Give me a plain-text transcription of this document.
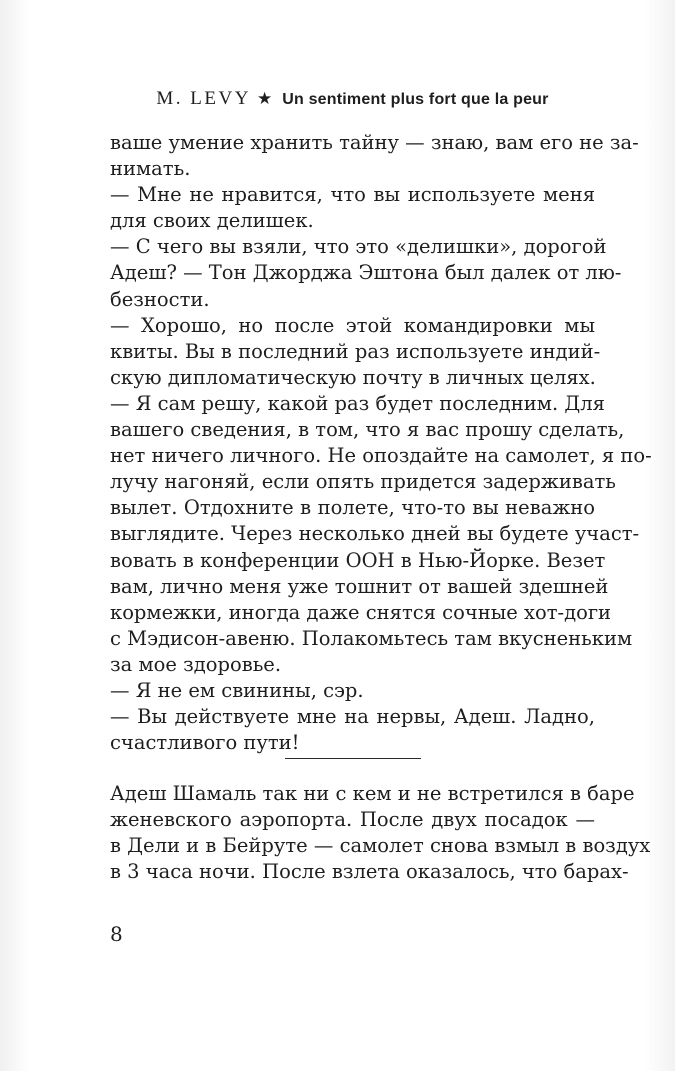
M. LEVY ★ Un sentiment plus fort que la peur
ваше умение хранить тайну — знаю, вам его не за-
нимать.
— Мне не нравится, что вы используете меня
для своих делишек.
— С чего вы взяли, что это «делишки», дорогой
Адеш? — Тон Джорджа Эштона был далек от лю-
безности.
— Хорошо, но после этой командировки мы
квиты. Вы в последний раз используете индий-
скую дипломатическую почту в личных целях.
— Я сам решу, какой раз будет последним. Для
вашего сведения, в том, что я вас прошу сделать,
нет ничего личного. Не опоздайте на самолет, я по-
лучу нагоняй, если опять придется задерживать
вылет. Отдохните в полете, что-то вы неважно
выглядите. Через несколько дней вы будете участ-
вовать в конференции ООН в Нью-Йорке. Везет
вам, лично меня уже тошнит от вашей здешней
кормежки, иногда даже снятся сочные хот-доги
с Мэдисон-авеню. Полакомьтесь там вкусненьким
за мое здоровье.
— Я не ем свинины, сэр.
— Вы действуете мне на нервы, Адеш. Ладно,
счастливого пути!
Адеш Шамаль так ни с кем и не встретился в баре
женевского аэропорта. После двух посадок —
в Дели и в Бейруте — самолет снова взмыл в воздух
в 3 часа ночи. После взлета оказалось, что барах-
8
